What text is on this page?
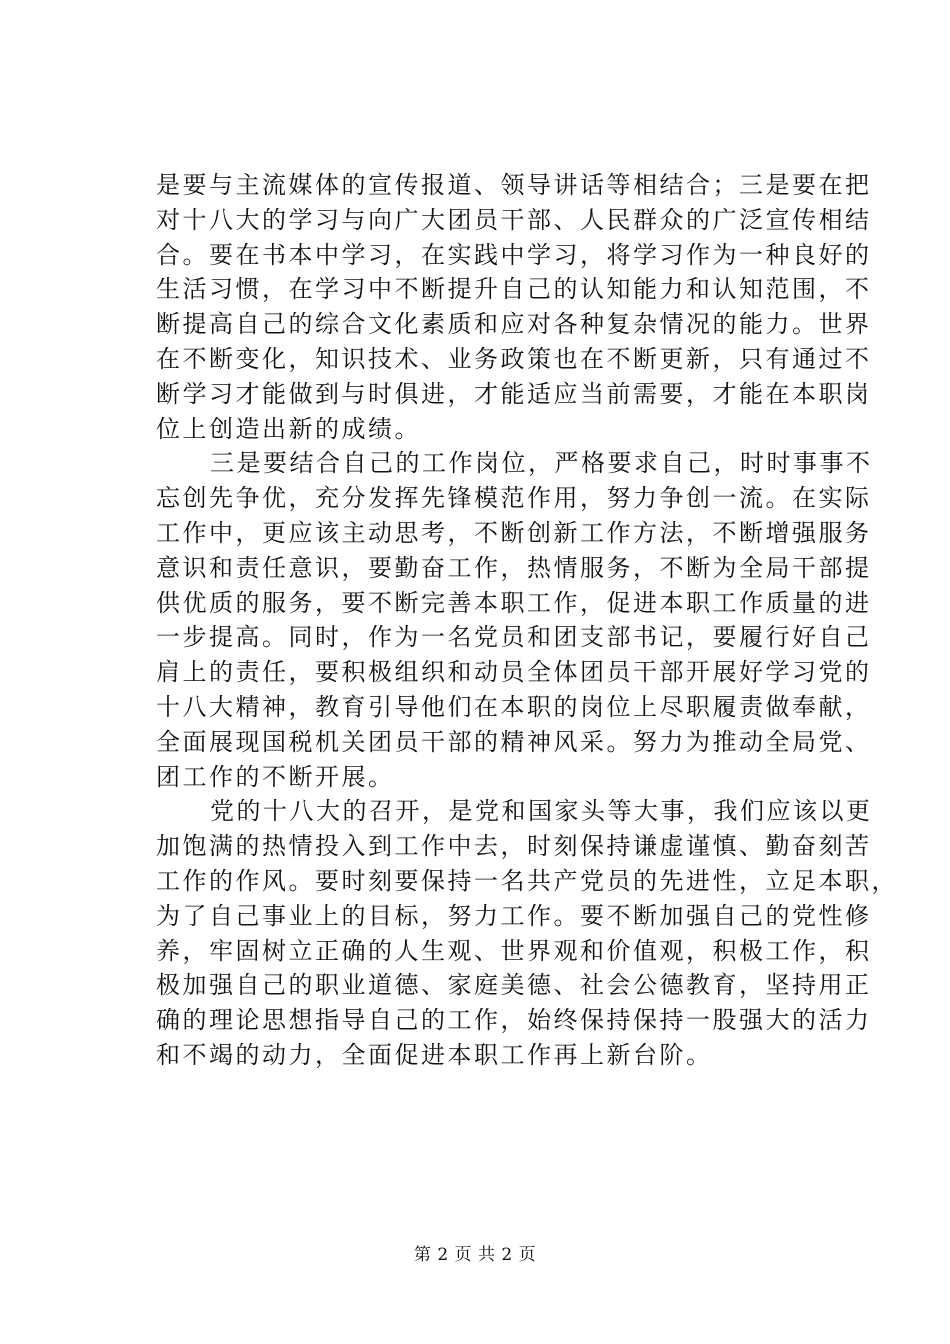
是要与主流媒体的宣传报道、领导讲话等相结合；三是要在把
对十八大的学习与向广大团员干部、人民群众的广泛宣传相结
合。要在书本中学习，在实践中学习，将学习作为一种良好的
生活习惯，在学习中不断提升自己的认知能力和认知范围，不
断提高自己的综合文化素质和应对各种复杂情况的能力。世界
在不断变化，知识技术、业务政策也在不断更新，只有通过不
断学习才能做到与时俱进，才能适应当前需要，才能在本职岗
位上创造出新的成绩。
三是要结合自己的工作岗位，严格要求自己，时时事事不
忘创先争优，充分发挥先锋模范作用，努力争创一流。在实际
工作中，更应该主动思考，不断创新工作方法，不断增强服务
意识和责任意识，要勤奋工作，热情服务，不断为全局干部提
供优质的服务，要不断完善本职工作，促进本职工作质量的进
一步提高。同时，作为一名党员和团支部书记，要履行好自己
肩上的责任，要积极组织和动员全体团员干部开展好学习党的
十八大精神，教育引导他们在本职的岗位上尽职履责做奉献，
全面展现国税机关团员干部的精神风采。努力为推动全局党、
团工作的不断开展。
党的十八大的召开，是党和国家头等大事，我们应该以更
加饱满的热情投入到工作中去，时刻保持谦虚谨慎、勤奋刻苦
工作的作风。要时刻要保持一名共产党员的先进性，立足本职，
为了自己事业上的目标，努力工作。要不断加强自己的党性修
养，牢固树立正确的人生观、世界观和价值观，积极工作，积
极加强自己的职业道德、家庭美德、社会公德教育，坚持用正
确的理论思想指导自己的工作，始终保持保持一股强大的活力
和不竭的动力，全面促进本职工作再上新台阶。
第 2 页 共 2 页
